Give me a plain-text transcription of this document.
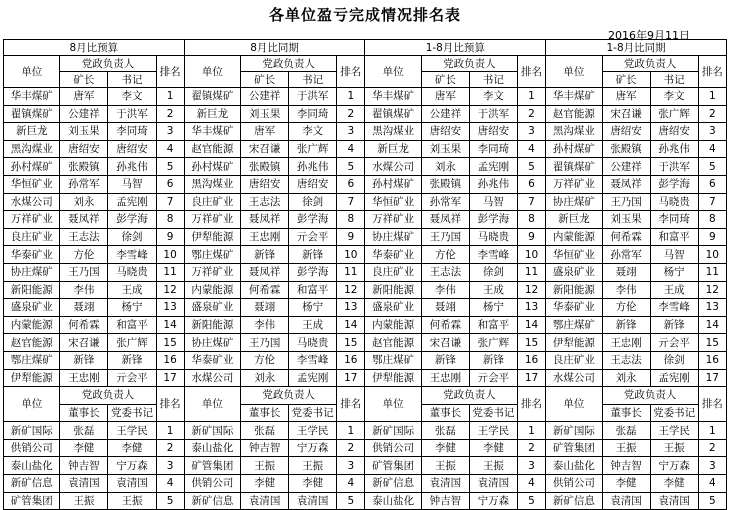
各单位盈亏完成情况排名表
2016年9月11日
8月比预算				8月比同期				1-8月比预算				1-8月比同期			
单位	党政负责人		排名	单位	党政负责人		排名	单位	党政负责人		排名	单位	党政负责人		排名
	矿长	书记			矿长	书记			矿长	书记			矿长	书记	
华丰煤矿	唐军	李文	1	翟镇煤矿	公建祥	于洪军	1	华丰煤矿	唐军	李文	1	华丰煤矿	唐军	李文	1
翟镇煤矿	公建祥	于洪军	2	新巨龙	刘玉果	李同琦	2	翟镇煤矿	公建祥	于洪军	2	赵官能源	宋召谦	张广辉	2
新巨龙	刘玉果	李同琦	3	华丰煤矿	唐军	李文	3	黑沟煤业	唐绍安	唐绍安	3	黑沟煤业	唐绍安	唐绍安	3
黑沟煤业	唐绍安	唐绍安	4	赵官能源	宋召谦	张广辉	4	新巨龙	刘玉果	李同琦	4	孙村煤矿	张殿镇	孙兆伟	4
孙村煤矿	张殿镇	孙兆伟	5	孙村煤矿	张殿镇	孙兆伟	5	水煤公司	刘永	孟宪刚	5	翟镇煤矿	公建祥	于洪军	5
华恒矿业	孙常军	马智	6	黑沟煤业	唐绍安	唐绍安	6	孙村煤矿	张殿镇	孙兆伟	6	万祥矿业	聂凤祥	彭学海	6
水煤公司	刘永	孟宪刚	7	良庄矿业	王志法	徐剑	7	华恒矿业	孙常军	马智	7	协庄煤矿	王乃国	马晓贵	7
万祥矿业	聂凤祥	彭学海	8	万祥矿业	聂凤祥	彭学海	8	万祥矿业	聂凤祥	彭学海	8	新巨龙	刘玉果	李同琦	8
良庄矿业	王志法	徐剑	9	伊犁能源	王忠刚	亓会平	9	协庄煤矿	王乃国	马晓贵	9	内蒙能源	何希霖	和富平	9
华泰矿业	方伦	李雪峰	10	鄂庄煤矿	新锋	新锋	10	华泰矿业	方伦	李雪峰	10	华恒矿业	孙常军	马智	10
协庄煤矿	王乃国	马晓贵	11	万祥矿业	聂凤祥	彭学海	11	良庄矿业	王志法	徐剑	11	盛泉矿业	聂翊	杨宁	11
新阳能源	李伟	王成	12	内蒙能源	何希霖	和富平	12	新阳能源	李伟	王成	12	新阳能源	李伟	王成	12
盛泉矿业	聂翊	杨宁	13	盛泉矿业	聂翊	杨宁	13	盛泉矿业	聂翊	杨宁	13	华泰矿业	方伦	李雪峰	13
内蒙能源	何希霖	和富平	14	新阳能源	李伟	王成	14	内蒙能源	何希霖	和富平	14	鄂庄煤矿	新锋	新锋	14
赵官能源	宋召谦	张广辉	15	协庄煤矿	王乃国	马晓贵	15	赵官能源	宋召谦	张广辉	15	伊犁能源	王忠刚	亓会平	15
鄂庄煤矿	新锋	新锋	16	华泰矿业	方伦	李雪峰	16	鄂庄煤矿	新锋	新锋	16	良庄矿业	王志法	徐剑	16
伊犁能源	王忠刚	亓会平	17	水煤公司	刘永	孟宪刚	17	伊犁能源	王忠刚	亓会平	17	水煤公司	刘永	孟宪刚	17
单位	党政负责人		排名	单位	党政负责人		排名	单位	党政负责人		排名	单位	党政负责人		排名
	董事长	党委书记			董事长	党委书记			董事长	党委书记			董事长	党委书记	
新矿国际	张磊	王学民	1	新矿国际	张磊	王学民	1	新矿国际	张磊	王学民	1	新矿国际	张磊	王学民	1
供销公司	李健	李健	2	泰山盐化	钟吉智	宁万森	2	供销公司	李健	李健	2	矿管集团	王振	王振	2
泰山盐化	钟吉智	宁万森	3	矿管集团	王振	王振	3	矿管集团	王振	王振	3	泰山盐化	钟吉智	宁万森	3
新矿信息	袁清国	袁清国	4	供销公司	李健	李健	4	新矿信息	袁清国	袁清国	4	供销公司	李健	李健	4
矿管集团	王振	王振	5	新矿信息	袁清国	袁清国	5	泰山盐化	钟吉智	宁万森	5	新矿信息	袁清国	袁清国	5
